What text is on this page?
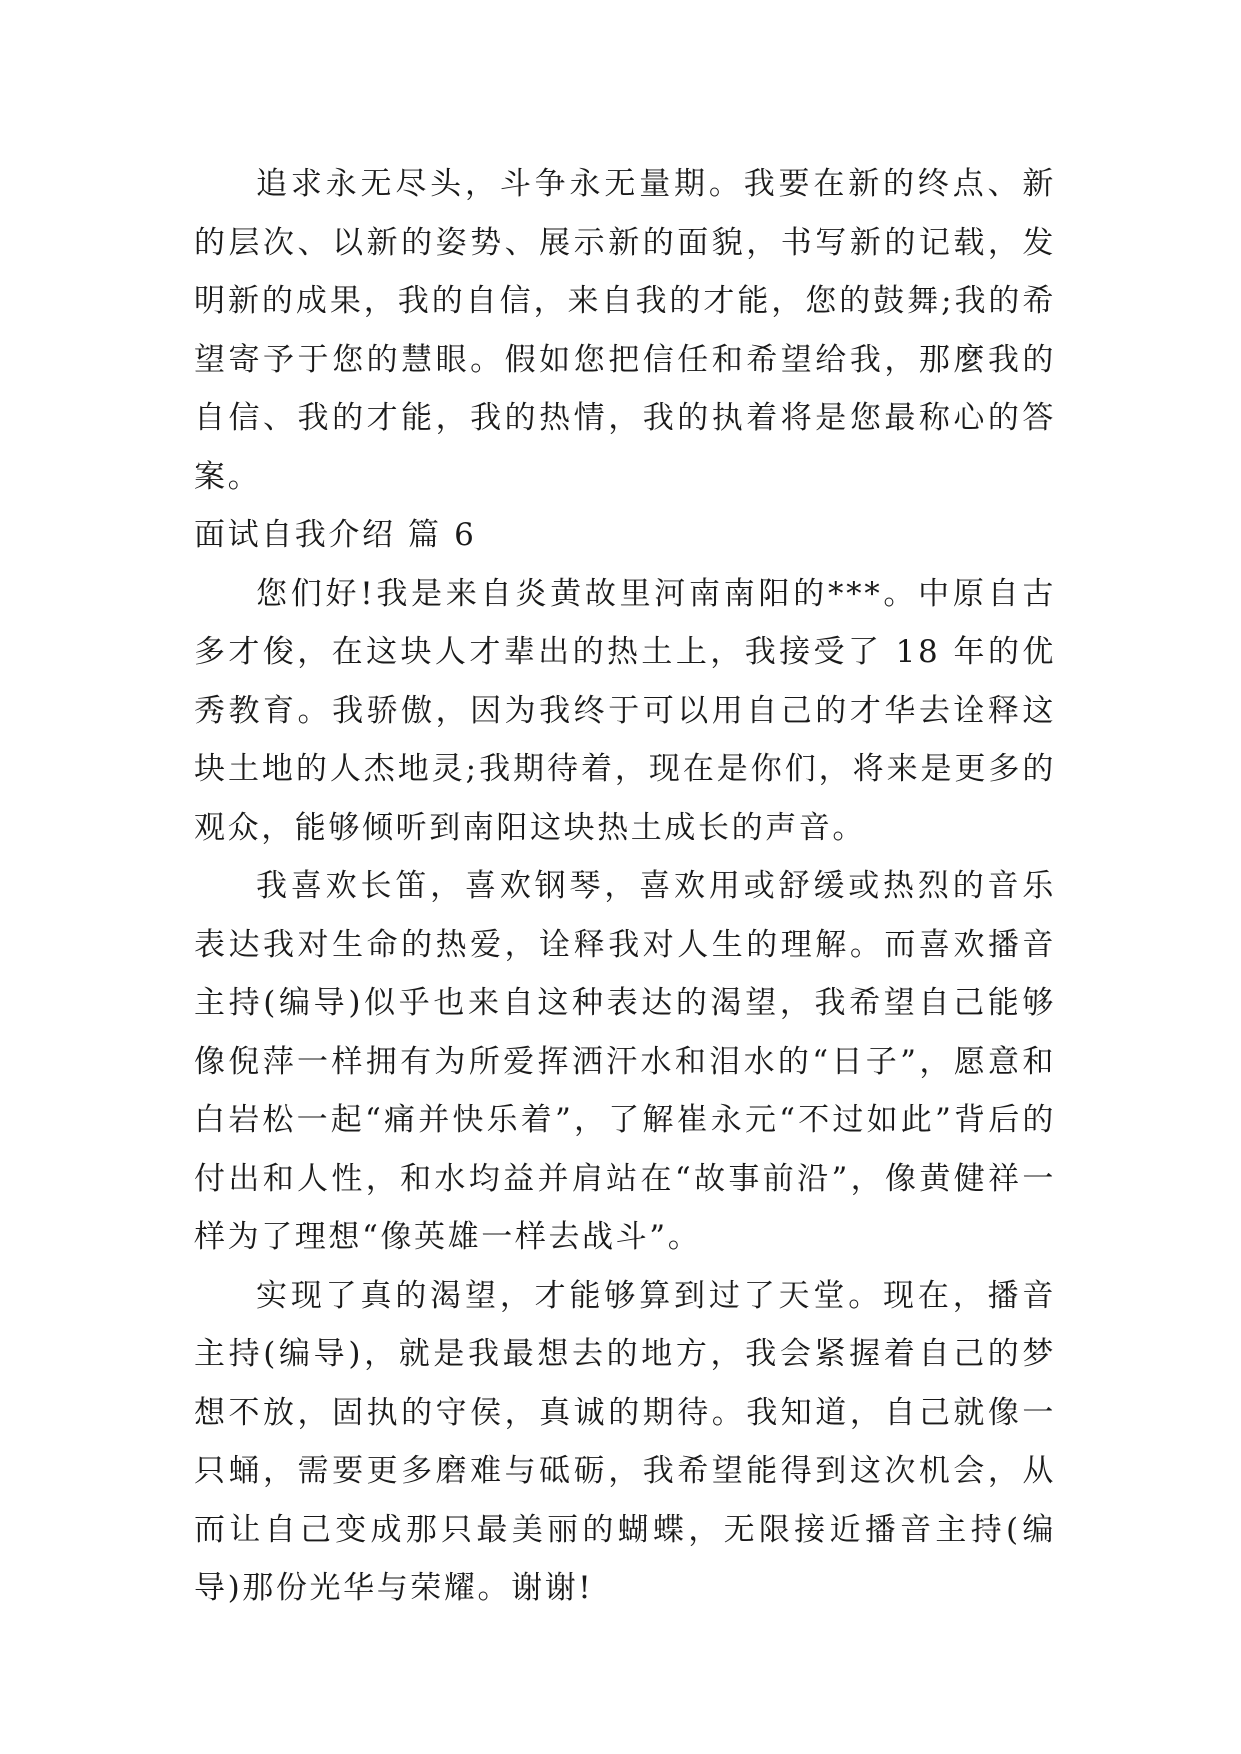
追求永无尽头，斗争永无量期。我要在新的终点、新的层次、以新的姿势、展示新的面貌，书写新的记载，发明新的成果，我的自信，来自我的才能，您的鼓舞;我的希望寄予于您的慧眼。假如您把信任和希望给我，那麼我的自信、我的才能，我的热情，我的执着将是您最称心的答案。

面试自我介绍 篇 6

您们好!我是来自炎黄故里河南南阳的***。中原自古多才俊，在这块人才辈出的热土上，我接受了 18 年的优秀教育。我骄傲，因为我终于可以用自己的才华去诠释这块土地的人杰地灵;我期待着，现在是你们，将来是更多的观众，能够倾听到南阳这块热土成长的声音。

我喜欢长笛，喜欢钢琴，喜欢用或舒缓或热烈的音乐表达我对生命的热爱，诠释我对人生的理解。而喜欢播音主持(编导)似乎也来自这种表达的渴望，我希望自己能够像倪萍一样拥有为所爱挥洒汗水和泪水的“日子”，愿意和白岩松一起“痛并快乐着”，了解崔永元“不过如此”背后的付出和人性，和水均益并肩站在“故事前沿”，像黄健祥一样为了理想“像英雄一样去战斗”。

实现了真的渴望，才能够算到过了天堂。现在，播音主持(编导)，就是我最想去的地方，我会紧握着自己的梦想不放，固执的守侯，真诚的期待。我知道，自己就像一只蛹，需要更多磨难与砥砺，我希望能得到这次机会，从而让自己变成那只最美丽的蝴蝶，无限接近播音主持(编导)那份光华与荣耀。谢谢!
